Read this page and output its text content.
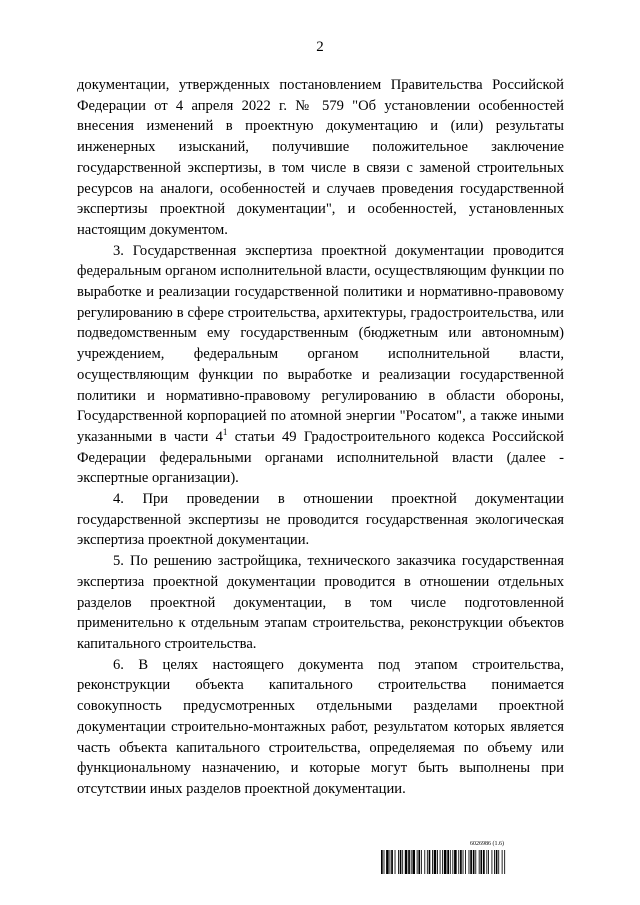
2

документации, утвержденных постановлением Правительства Российской Федерации от 4 апреля 2022 г. № 579 "Об установлении особенностей внесения изменений в проектную документацию и (или) результаты инженерных изысканий, получившие положительное заключение государственной экспертизы, в том числе в связи с заменой строительных ресурсов на аналоги, особенностей и случаев проведения государственной экспертизы проектной документации", и особенностей, установленных настоящим документом.

3. Государственная экспертиза проектной документации проводится федеральным органом исполнительной власти, осуществляющим функции по выработке и реализации государственной политики и нормативно-правовому регулированию в сфере строительства, архитектуры, градостроительства, или подведомственным ему государственным (бюджетным или автономным) учреждением, федеральным органом исполнительной власти, осуществляющим функции по выработке и реализации государственной политики и нормативно-правовому регулированию в области обороны, Государственной корпорацией по атомной энергии "Росатом", а также иными указанными в части 4$^1$ статьи 49 Градостроительного кодекса Российской Федерации федеральными органами исполнительной власти (далее - экспертные организации).

4. При проведении в отношении проектной документации государственной экспертизы не проводится государственная экологическая экспертиза проектной документации.

5. По решению застройщика, технического заказчика государственная экспертиза проектной документации проводится в отношении отдельных разделов проектной документации, в том числе подготовленной применительно к отдельным этапам строительства, реконструкции объектов капитального строительства.

6. В целях настоящего документа под этапом строительства, реконструкции объекта капитального строительства понимается совокупность предусмотренных отдельными разделами проектной документации строительно-монтажных работ, результатом которых является часть объекта капитального строительства, определяемая по объему или функциональному назначению, и которые могут быть выполнены при отсутствии иных разделов проектной документации.

6026986 (1.6)
